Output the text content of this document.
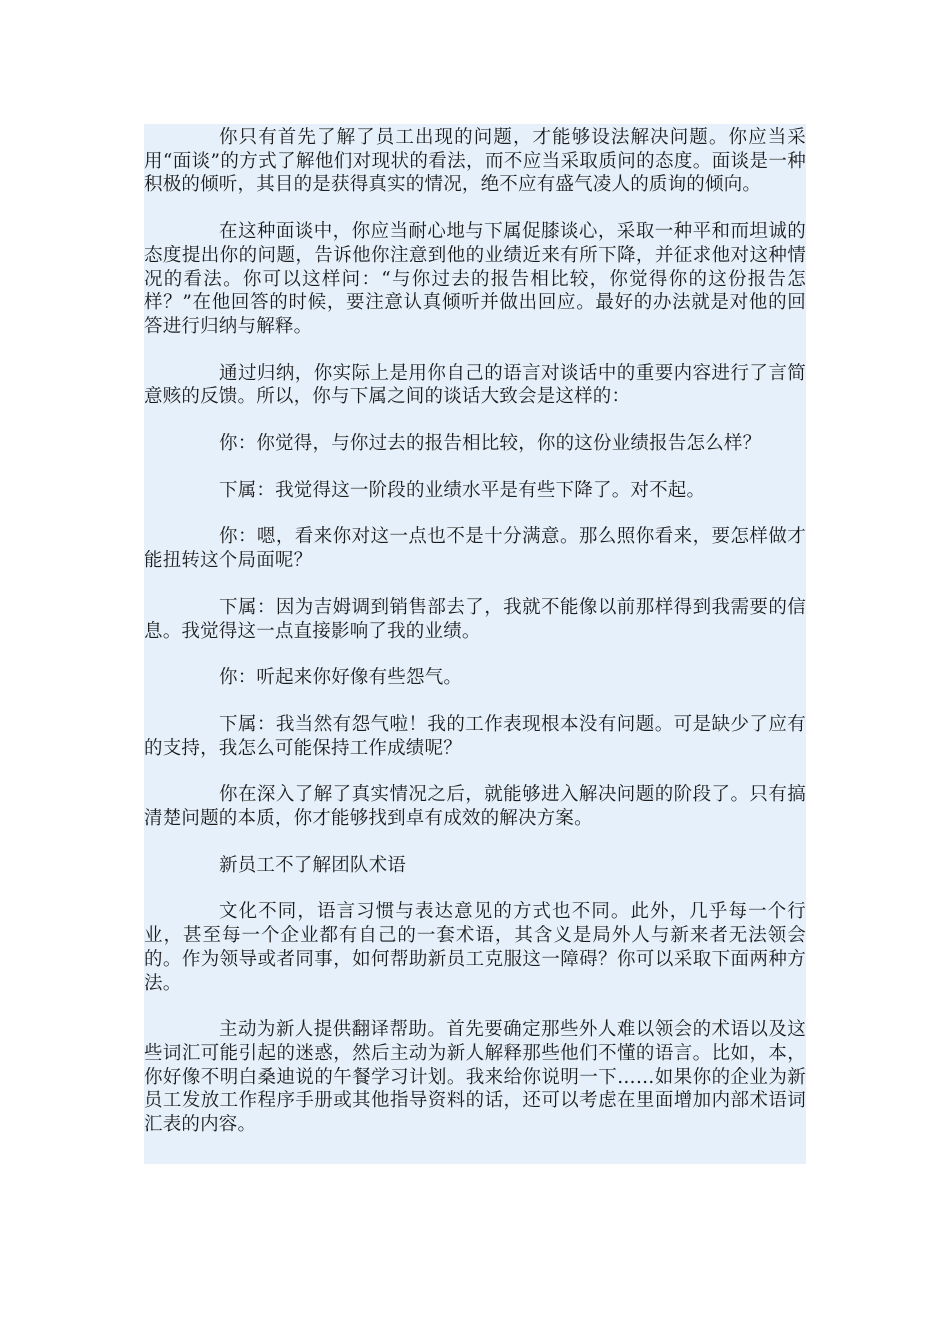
你只有首先了解了员工出现的问题，才能够设法解决问题。你应当采用“面谈”的方式了解他们对现状的看法，而不应当采取质问的态度。面谈是一种积极的倾听，其目的是获得真实的情况，绝不应有盛气凌人的质询的倾向。

在这种面谈中，你应当耐心地与下属促膝谈心，采取一种平和而坦诚的态度提出你的问题，告诉他你注意到他的业绩近来有所下降，并征求他对这种情况的看法。你可以这样问：“与你过去的报告相比较，你觉得你的这份报告怎样？”在他回答的时候，要注意认真倾听并做出回应。最好的办法就是对他的回答进行归纳与解释。

通过归纳，你实际上是用你自己的语言对谈话中的重要内容进行了言简意赅的反馈。所以，你与下属之间的谈话大致会是这样的：

你：你觉得，与你过去的报告相比较，你的这份业绩报告怎么样？

下属：我觉得这一阶段的业绩水平是有些下降了。对不起。

你：嗯，看来你对这一点也不是十分满意。那么照你看来，要怎样做才能扭转这个局面呢？

下属：因为吉姆调到销售部去了，我就不能像以前那样得到我需要的信息。我觉得这一点直接影响了我的业绩。

你：听起来你好像有些怨气。

下属：我当然有怨气啦！我的工作表现根本没有问题。可是缺少了应有的支持，我怎么可能保持工作成绩呢？

你在深入了解了真实情况之后，就能够进入解决问题的阶段了。只有搞清楚问题的本质，你才能够找到卓有成效的解决方案。

新员工不了解团队术语

文化不同，语言习惯与表达意见的方式也不同。此外，几乎每一个行业，甚至每一个企业都有自己的一套术语，其含义是局外人与新来者无法领会的。作为领导或者同事，如何帮助新员工克服这一障碍？你可以采取下面两种方法。

主动为新人提供翻译帮助。首先要确定那些外人难以领会的术语以及这些词汇可能引起的迷惑，然后主动为新人解释那些他们不懂的语言。比如，本，你好像不明白桑迪说的午餐学习计划。我来给你说明一下……如果你的企业为新员工发放工作程序手册或其他指导资料的话，还可以考虑在里面增加内部术语词汇表的内容。
